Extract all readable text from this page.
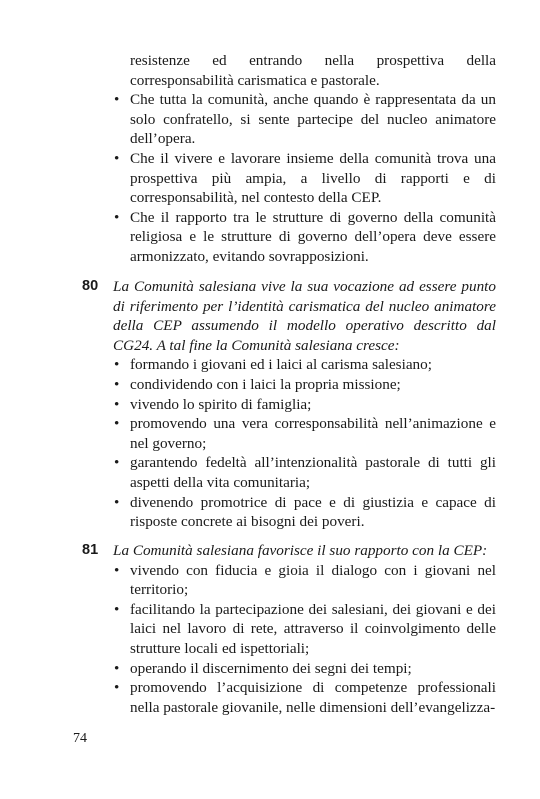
resistenze ed entrando nella prospettiva della corresponsabilità carismatica e pastorale.

• Che tutta la comunità, anche quando è rappresentata da un solo confratello, si sente partecipe del nucleo animatore dell’opera.
• Che il vivere e lavorare insieme della comunità trova una prospettiva più ampia, a livello di rapporti e di corresponsabilità, nel contesto della CEP.
• Che il rapporto tra le strutture di governo della comunità religiosa e le strutture di governo dell’opera deve essere armonizzato, evitando sovrapposizioni.
80 La Comunità salesiana vive la sua vocazione ad essere punto di riferimento per l’identità carismatica del nucleo animatore della CEP assumendo il modello operativo descritto dal CG24. A tal fine la Comunità salesiana cresce:

• formando i giovani ed i laici al carisma salesiano;
• condividendo con i laici la propria missione;
• vivendo lo spirito di famiglia;
• promovendo una vera corresponsabilità nell’animazione e nel governo;
• garantendo fedeltà all’intenzionalità pastorale di tutti gli aspetti della vita comunitaria;
• divenendo promotrice di pace e di giustizia e capace di risposte concrete ai bisogni dei poveri.
81 La Comunità salesiana favorisce il suo rapporto con la CEP:

• vivendo con fiducia e gioia il dialogo con i giovani nel territorio;
• facilitando la partecipazione dei salesiani, dei giovani e dei laici nel lavoro di rete, attraverso il coinvolgimento delle strutture locali ed ispettoriali;
• operando il discernimento dei segni dei tempi;
• promovendo l’acquisizione di competenze professionali nella pastorale giovanile, nelle dimensioni dell’evangelizza-
74
